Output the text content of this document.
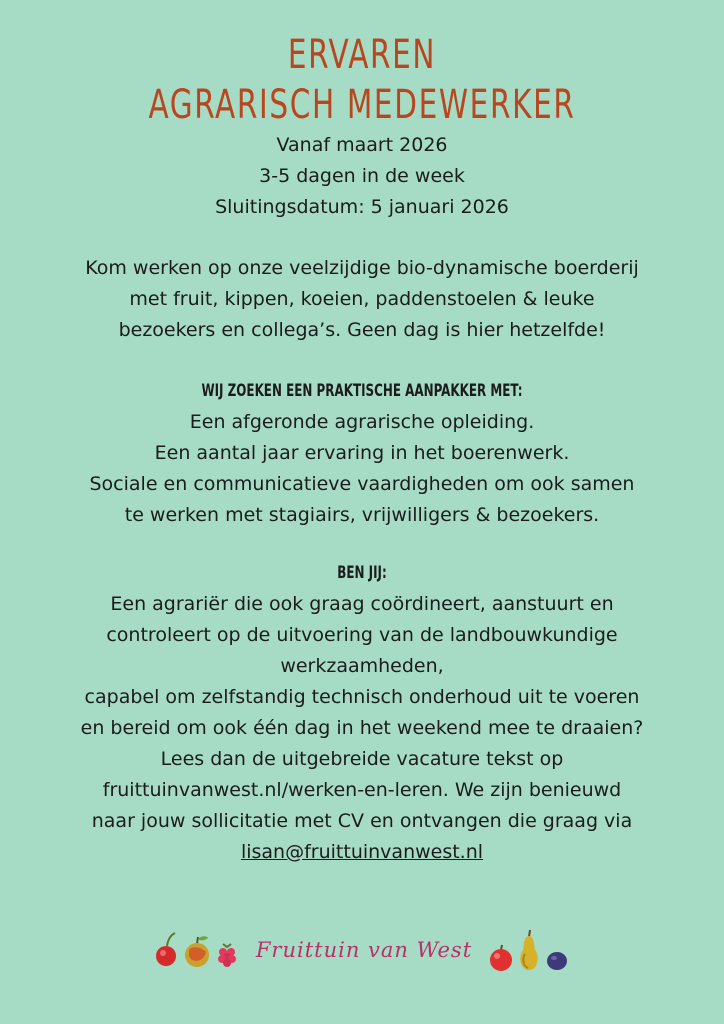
ERVAREN
AGRARISCH MEDEWERKER
Vanaf maart 2026
3-5 dagen in de week
Sluitingsdatum: 5 januari 2026
Kom werken op onze veelzijdige bio-dynamische boerderij
met fruit, kippen, koeien, paddenstoelen & leuke
bezoekers en collega’s. Geen dag is hier hetzelfde!
WIJ ZOEKEN EEN PRAKTISCHE AANPAKKER MET:
Een afgeronde agrarische opleiding.
Een aantal jaar ervaring in het boerenwerk.
Sociale en communicatieve vaardigheden om ook samen
te werken met stagiairs, vrijwilligers & bezoekers.
BEN JIJ:
Een agrariër die ook graag coördineert, aanstuurt en
controleert op de uitvoering van de landbouwkundige
werkzaamheden,
capabel om zelfstandig technisch onderhoud uit te voeren
en bereid om ook één dag in het weekend mee te draaien?
Lees dan de uitgebreide vacature tekst op
fruittuinvanwest.nl/werken-en-leren. We zijn benieuwd
naar jouw sollicitatie met CV en ontvangen die graag via
lisan@fruittuinvanwest.nl
Fruittuin van West
